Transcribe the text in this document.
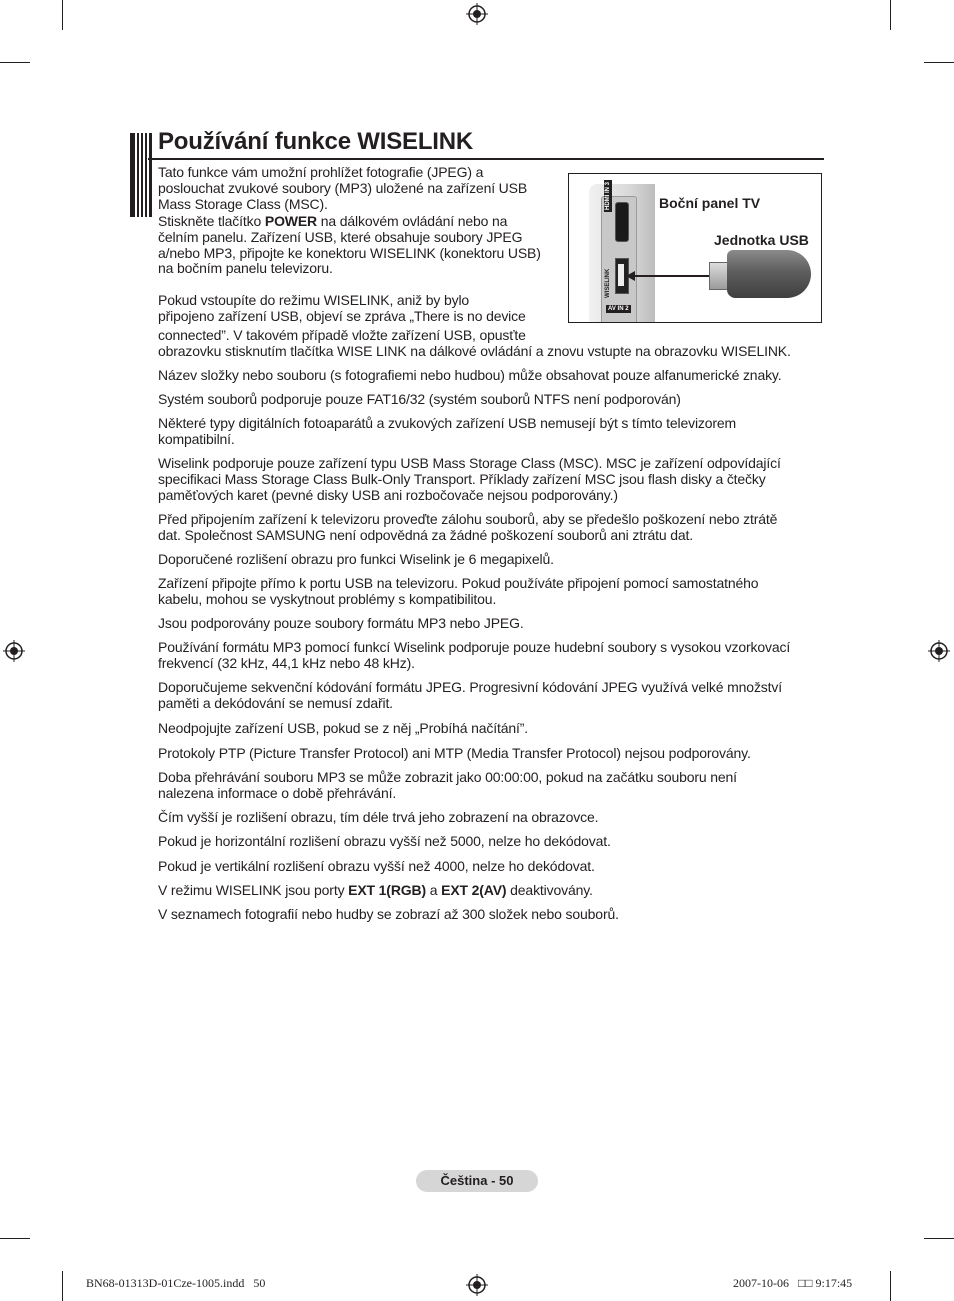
Používání funkce WISELINK
Tato funkce vám umožní prohlížet fotografie (JPEG) a
poslouchat zvukové soubory (MP3) uložené na zařízení USB
Mass Storage Class (MSC).
Stiskněte tlačítko POWER na dálkovém ovládání nebo na
čelním panelu. Zařízení USB, které obsahuje soubory JPEG
a/nebo MP3, připojte ke konektoru WISELINK (konektoru USB)
na bočním panelu televizoru.
Pokud vstoupíte do režimu WISELINK, aniž by bylo
připojeno zařízení USB, objeví se zpráva „There is no device
connected”. V takovém případě vložte zařízení USB, opusťte
obrazovku stisknutím tlačítka WISE LINK na dálkové ovládání a znovu vstupte na obrazovku WISELINK.
HDMI IN 3
WISELINK
AV IN 2
Boční panel TV
Jednotka USB
Název složky nebo souboru (s fotografiemi nebo hudbou) může obsahovat pouze alfanumerické znaky.
Systém souborů podporuje pouze FAT16/32 (systém souborů NTFS není podporován)
Některé typy digitálních fotoaparátů a zvukových zařízení USB nemusejí být s tímto televizorem
kompatibilní.
Wiselink podporuje pouze zařízení typu USB Mass Storage Class (MSC). MSC je zařízení odpovídající
specifikaci Mass Storage Class Bulk-Only Transport. Příklady zařízení MSC jsou flash disky a čtečky
paměťových karet (pevné disky USB ani rozbočovače nejsou podporovány.)
Před připojením zařízení k televizoru proveďte zálohu souborů, aby se předešlo poškození nebo ztrátě
dat. Společnost SAMSUNG není odpovědná za žádné poškození souborů ani ztrátu dat.
Doporučené rozlišení obrazu pro funkci Wiselink je 6 megapixelů.
Zařízení připojte přímo k portu USB na televizoru. Pokud používáte připojení pomocí samostatného
kabelu, mohou se vyskytnout problémy s kompatibilitou.
Jsou podporovány pouze soubory formátu MP3 nebo JPEG.
Používání formátu MP3 pomocí funkcí Wiselink podporuje pouze hudební soubory s vysokou vzorkovací
frekvencí (32 kHz, 44,1 kHz nebo 48 kHz).
Doporučujeme sekvenční kódování formátu JPEG. Progresivní kódování JPEG využívá velké množství
paměti a dekódování se nemusí zdařit.
Neodpojujte zařízení USB, pokud se z něj „Probíhá načítání”.
Protokoly PTP (Picture Transfer Protocol) ani MTP (Media Transfer Protocol) nejsou podporovány.
Doba přehrávání souboru MP3 se může zobrazit jako 00:00:00, pokud na začátku souboru není
nalezena informace o době přehrávání.
Čím vyšší je rozlišení obrazu, tím déle trvá jeho zobrazení na obrazovce.
Pokud je horizontální rozlišení obrazu vyšší než 5000, nelze ho dekódovat.
Pokud je vertikální rozlišení obrazu vyšší než 4000, nelze ho dekódovat.
V režimu WISELINK jsou porty EXT 1(RGB) a EXT 2(AV) deaktivovány.
V seznamech fotografií nebo hudby se zobrazí až 300 složek nebo souborů.
Čeština - 50
BN68-01313D-01Cze-1005.indd   50	2007-10-06   □□ 9:17:45
